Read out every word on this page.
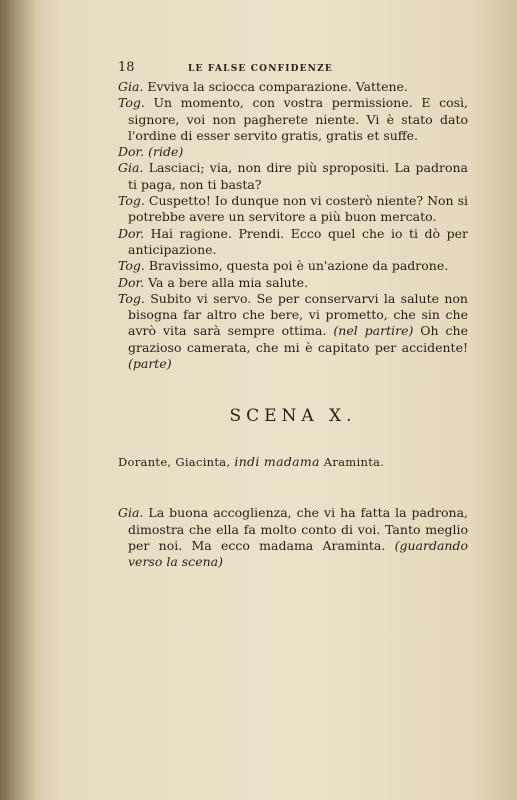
18	LE FALSE CONFIDENZE

Gia. Evviva la sciocca comparazione. Vattene.

Tog. Un momento, con vostra permissione. E così, signore, voi non pagherete niente. Vi è stato dato l'ordine di esser servito gratis, gratis et suffe.

Dor. (ride)

Gia. Lasciaci; via, non dire più spropositi. La padrona ti paga, non ti basta?

Tog. Cuspetto! Io dunque non vi costerò niente? Non si potrebbe avere un servitore a più buon mercato.

Dor. Hai ragione. Prendi. Ecco quel che io ti dò per anticipazione.

Tog. Bravissimo, questa poi è un'azione da padrone.

Dor. Va a bere alla mia salute.

Tog. Subito vi servo. Se per conservarvi la salute non bisogna far altro che bere, vi prometto, che sin che avrò vita sarà sempre ottima. (nel partire) Oh che grazioso camerata, che mi è capitato per accidente! (parte)

SCENA X.
Dorante, Giacinta, indi madama Araminta.

Gia. La buona accoglienza, che vi ha fatta la padrona, dimostra che ella fa molto conto di voi. Tanto meglio per noi. Ma ecco madama Araminta. (guardando verso la scena)
